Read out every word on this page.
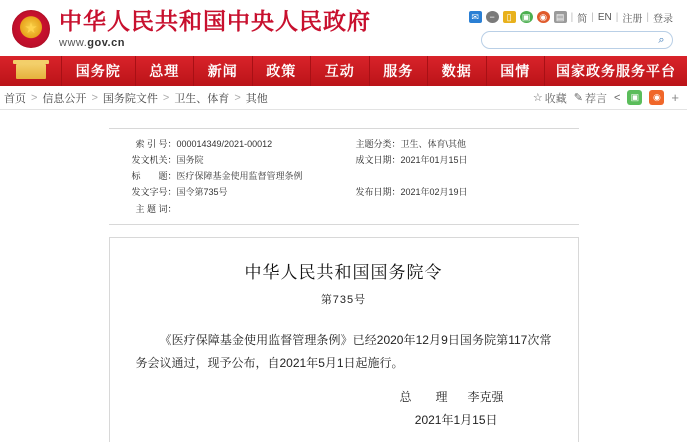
★
中华人民共和国中央人民政府
www.gov.cn
✉	−	▯	▣ ◉ ▤ | 简 | EN | 注册 | 登录
⌕
国务院	总理	新闻	政策	互动	服务	数据	国情	国家政务服务平台
首页 > 信息公开 > 国务院文件 > 卫生、体育 > 其他	☆ 收藏 ✎ 荐言 <	▣	◉ +
索 引 号：	000014349/2021-00012	主题分类：	卫生、体育\其他
发文机关：	国务院	成文日期：	2021年01月15日
标　　题：	医疗保障基金使用监督管理条例		
发文字号：	国令第735号	发布日期：	2021年02月19日
主 题 词：			
中华人民共和国国务院令
第735号
《医疗保障基金使用监督管理条例》已经2020年12月9日国务院第117次常务会议通过，现予公布，自2021年5月1日起施行。
总　理 李克强
2021年1月15日
